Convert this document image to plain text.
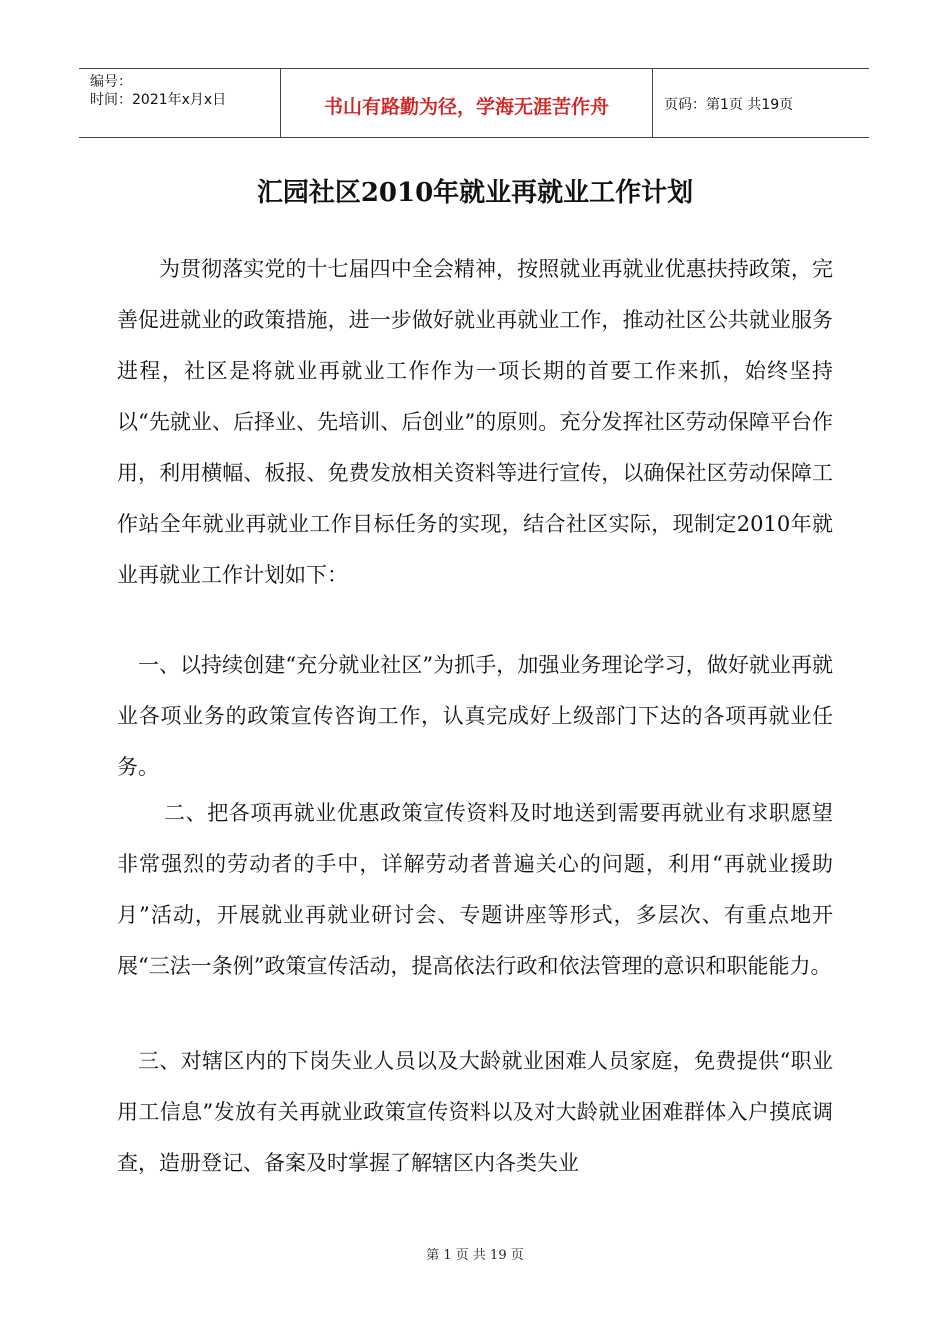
编号：
时间：2021年x月x日	书山有路勤为径，学海无涯苦作舟	页码：第1页 共19页
汇园社区2010年就业再就业工作计划
为贯彻落实党的十七届四中全会精神，按照就业再就业优惠扶持政策，完善促进就业的政策措施，进一步做好就业再就业工作，推动社区公共就业服务进程，社区是将就业再就业工作作为一项长期的首要工作来抓，始终坚持以“先就业、后择业、先培训、后创业”的原则。充分发挥社区劳动保障平台作用，利用横幅、板报、免费发放相关资料等进行宣传，以确保社区劳动保障工作站全年就业再就业工作目标任务的实现，结合社区实际，现制定2010年就业再就业工作计划如下：
一、以持续创建“充分就业社区”为抓手，加强业务理论学习，做好就业再就业各项业务的政策宣传咨询工作，认真完成好上级部门下达的各项再就业任务。
二、把各项再就业优惠政策宣传资料及时地送到需要再就业有求职愿望非常强烈的劳动者的手中，详解劳动者普遍关心的问题，利用“再就业援助月”活动，开展就业再就业研讨会、专题讲座等形式，多层次、有重点地开展“三法一条例”政策宣传活动，提高依法行政和依法管理的意识和职能能力。
三、对辖区内的下岗失业人员以及大龄就业困难人员家庭，免费提供“职业用工信息”发放有关再就业政策宣传资料以及对大龄就业困难群体入户摸底调查，造册登记、备案及时掌握了解辖区内各类失业
第 1 页 共 19 页
